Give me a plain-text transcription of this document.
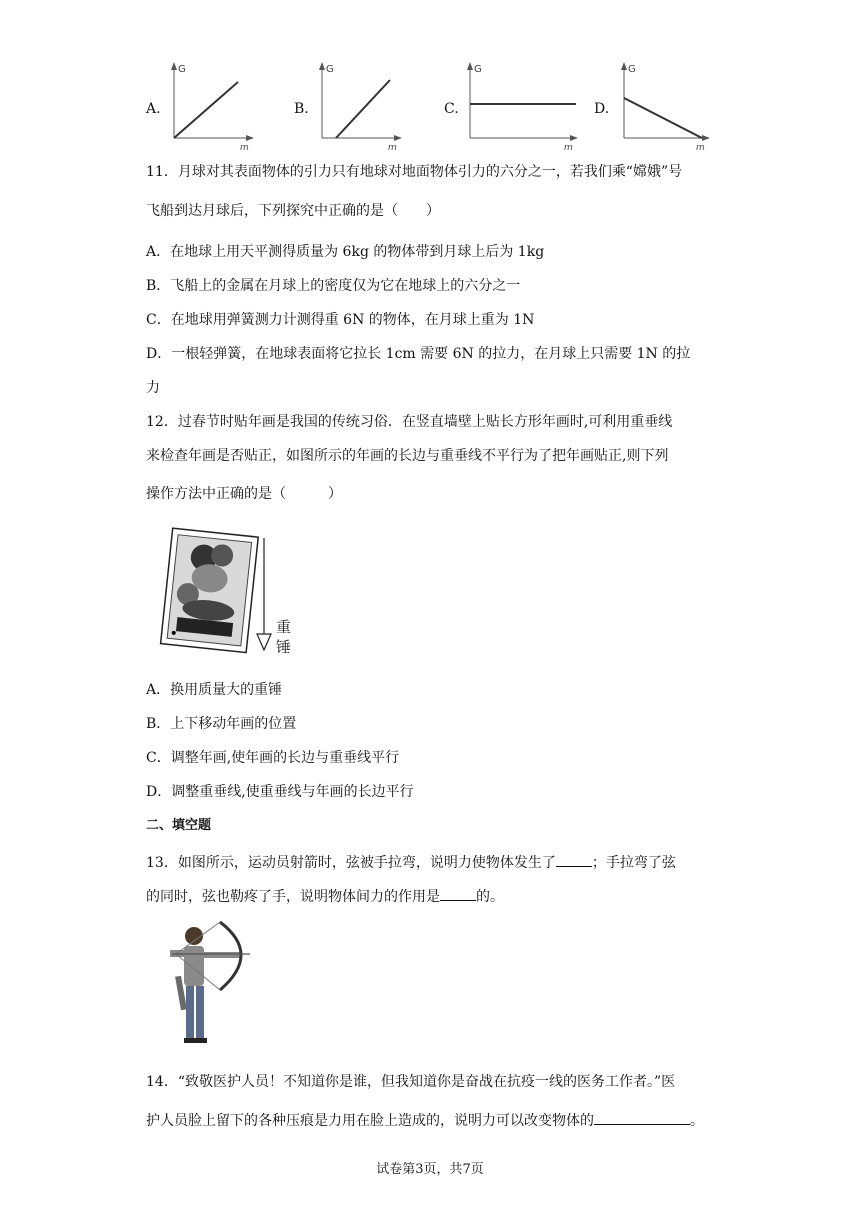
A.
G
m
B.
G
m
C.
G
m
D.
G
m
11．月球对其表面物体的引力只有地球对地面物体引力的六分之一，若我们乘“嫦娥”号
飞船到达月球后，下列探究中正确的是（　　）
A．在地球上用天平测得质量为 6kg 的物体带到月球上后为 1kg
B．飞船上的金属在月球上的密度仅为它在地球上的六分之一
C．在地球用弹簧测力计测得重 6N 的物体，在月球上重为 1N
D．一根轻弹簧，在地球表面将它拉长 1cm 需要 6N 的拉力，在月球上只需要 1N 的拉
力
12．过春节时贴年画是我国的传统习俗．在竖直墙壁上贴长方形年画时,可利用重垂线
来检查年画是否贴正，如图所示的年画的长边与重垂线不平行为了把年画贴正,则下列
操作方法中正确的是（　　　）
重
锤
A．换用质量大的重锤
B．上下移动年画的位置
C．调整年画,使年画的长边与重垂线平行
D．调整重垂线,使重垂线与年画的长边平行
二、填空题
13．如图所示，运动员射箭时，弦被手拉弯，说明力使物体发生了	；手拉弯了弦
的同时，弦也勒疼了手，说明物体间力的作用是	的。
14．“致敬医护人员！不知道你是谁，但我知道你是奋战在抗疫一线的医务工作者。”医
护人员脸上留下的各种压痕是力用在脸上造成的，说明力可以改变物体的	。
试卷第3页，共7页
